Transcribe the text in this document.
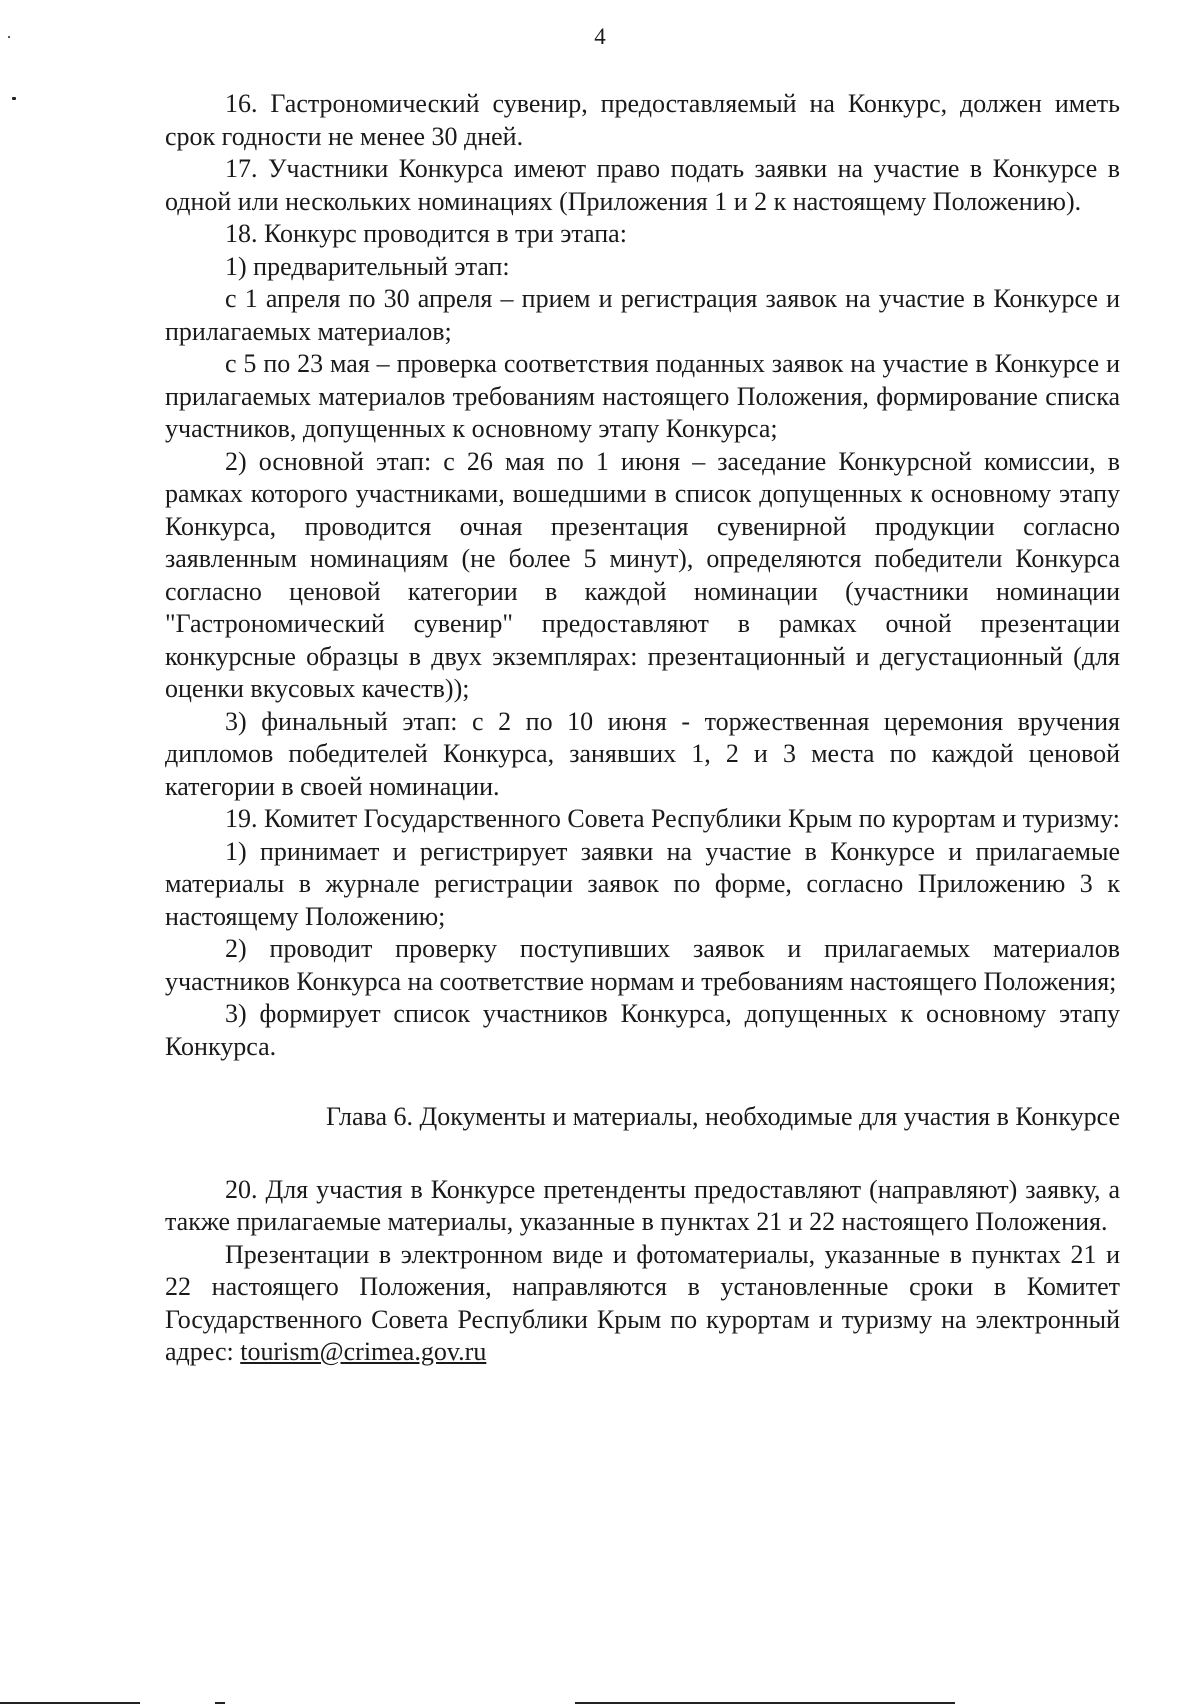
4

16. Гастрономический сувенир, предоставляемый на Конкурс, должен иметь срок годности не менее 30 дней.

17. Участники Конкурса имеют право подать заявки на участие в Конкурсе в одной или нескольких номинациях (Приложения 1 и 2 к настоящему Положению).

18. Конкурс проводится в три этапа:

1) предварительный этап:

с 1 апреля по 30 апреля – прием и регистрация заявок на участие в Конкурсе и прилагаемых материалов;

с 5 по 23 мая – проверка соответствия поданных заявок на участие в Конкурсе и прилагаемых материалов требованиям настоящего Положения, формирование списка участников, допущенных к основному этапу Конкурса;

2) основной этап: с 26 мая по 1 июня – заседание Конкурсной комиссии, в рамках которого участниками, вошедшими в список допущенных к основному этапу Конкурса, проводится очная презентация сувенирной продукции согласно заявленным номинациям (не более 5 минут), определяются победители Конкурса согласно ценовой категории в каждой номинации (участники номинации "Гастрономический сувенир" предоставляют в рамках очной презентации конкурсные образцы в двух экземплярах: презентационный и дегустационный (для оценки вкусовых качеств));

3) финальный этап: с 2 по 10 июня - торжественная церемония вручения дипломов победителей Конкурса, занявших 1, 2 и 3 места по каждой ценовой категории в своей номинации.

19. Комитет Государственного Совета Республики Крым по курортам и туризму:

1) принимает и регистрирует заявки на участие в Конкурсе и прилагаемые материалы в журнале регистрации заявок по форме, согласно Приложению 3 к настоящему Положению;

2) проводит проверку поступивших заявок и прилагаемых материалов участников Конкурса на соответствие нормам и требованиям настоящего Положения;

3) формирует список участников Конкурса, допущенных к основному этапу Конкурса.

Глава 6. Документы и материалы, необходимые для участия в Конкурсе

20. Для участия в Конкурсе претенденты предоставляют (направляют) заявку, а также прилагаемые материалы, указанные в пунктах 21 и 22 настоящего Положения.

Презентации в электронном виде и фотоматериалы, указанные в пунктах 21 и 22 настоящего Положения, направляются в установленные сроки в Комитет Государственного Совета Республики Крым по курортам и туризму на электронный адрес: tourism@crimea.gov.ru
